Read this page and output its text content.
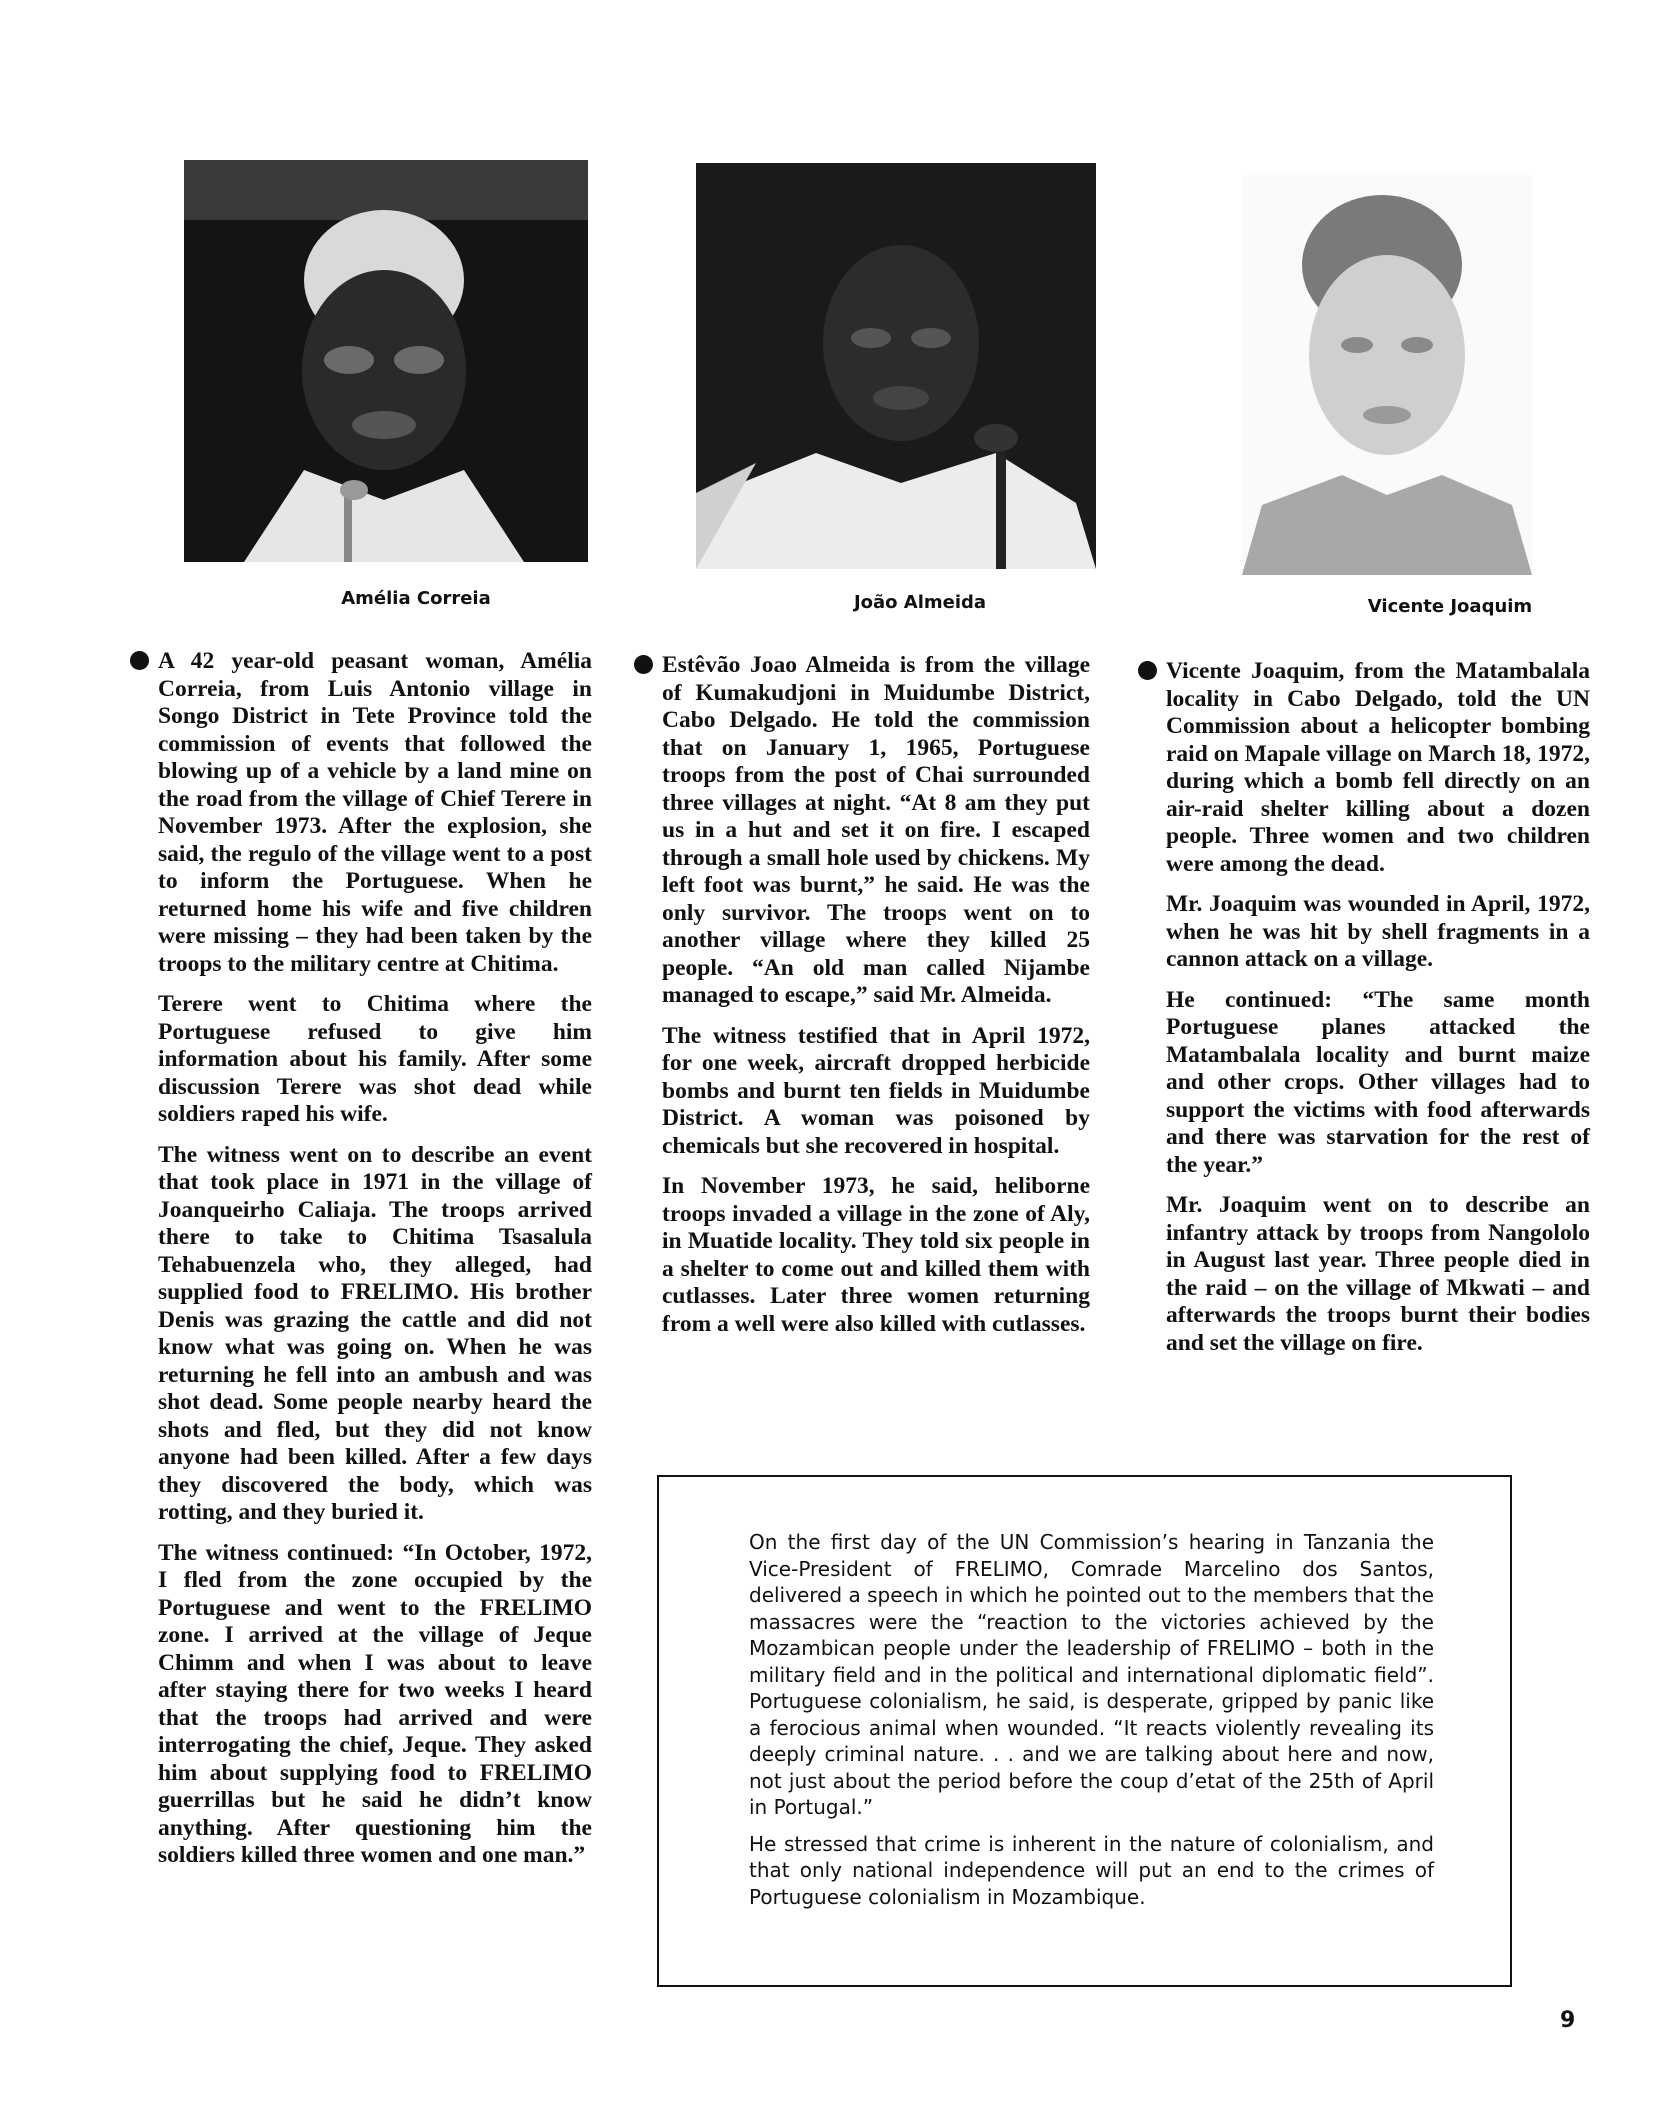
Amélia Correia	João Almeida	Vicente Joaquim

A 42 year-old peasant woman, Amélia Correia, from Luis Antonio village in Songo District in Tete Province told the commission of events that followed the blowing up of a vehicle by a land mine on the road from the village of Chief Terere in November 1973. After the explosion, she said, the regulo of the village went to a post to inform the Portuguese. When he returned home his wife and five children were missing – they had been taken by the troops to the military centre at Chitima.

Terere went to Chitima where the Portuguese refused to give him information about his family. After some discussion Terere was shot dead while soldiers raped his wife.

The witness went on to describe an event that took place in 1971 in the village of Joanqueirho Caliaja. The troops arrived there to take to Chitima Tsasalula Tehabuenzela who, they alleged, had supplied food to FRELIMO. His brother Denis was grazing the cattle and did not know what was going on. When he was returning he fell into an ambush and was shot dead. Some people nearby heard the shots and fled, but they did not know anyone had been killed. After a few days they discovered the body, which was rotting, and they buried it.

The witness continued: “In October, 1972, I fled from the zone occupied by the Portuguese and went to the FRELIMO zone. I arrived at the village of Jeque Chimm and when I was about to leave after staying there for two weeks I heard that the troops had arrived and were interrogating the chief, Jeque. They asked him about supplying food to FRELIMO guerrillas but he said he didn’t know anything. After questioning him the soldiers killed three women and one man.”

Estêvão Joao Almeida is from the village of Kumakudjoni in Muidumbe District, Cabo Delgado. He told the commission that on January 1, 1965, Portuguese troops from the post of Chai surrounded three villages at night. “At 8 am they put us in a hut and set it on fire. I escaped through a small hole used by chickens. My left foot was burnt,” he said. He was the only survivor. The troops went on to another village where they killed 25 people. “An old man called Nijambe managed to escape,” said Mr. Almeida.

The witness testified that in April 1972, for one week, aircraft dropped herbicide bombs and burnt ten fields in Muidumbe District. A woman was poisoned by chemicals but she recovered in hospital.

In November 1973, he said, heliborne troops invaded a village in the zone of Aly, in Muatide locality. They told six people in a shelter to come out and killed them with cutlasses. Later three women returning from a well were also killed with cutlasses.

Vicente Joaquim, from the Matambalala locality in Cabo Delgado, told the UN Commission about a helicopter bombing raid on Mapale village on March 18, 1972, during which a bomb fell directly on an air-raid shelter killing about a dozen people. Three women and two children were among the dead.

Mr. Joaquim was wounded in April, 1972, when he was hit by shell fragments in a cannon attack on a village.

He continued: “The same month Portuguese planes attacked the Matambalala locality and burnt maize and other crops. Other villages had to support the victims with food afterwards and there was starvation for the rest of the year.”

Mr. Joaquim went on to describe an infantry attack by troops from Nangololo in August last year. Three people died in the raid – on the village of Mkwati – and afterwards the troops burnt their bodies and set the village on fire.

On the first day of the UN Commission’s hearing in Tanzania the Vice-President of FRELIMO, Comrade Marcelino dos Santos, delivered a speech in which he pointed out to the members that the massacres were the “reaction to the victories achieved by the Mozambican people under the leadership of FRELIMO – both in the military field and in the political and international diplomatic field”. Portuguese colonialism, he said, is desperate, gripped by panic like a ferocious animal when wounded. “It reacts violently revealing its deeply criminal nature. . . and we are talking about here and now, not just about the period before the coup d’etat of the 25th of April in Portugal.”

He stressed that crime is inherent in the nature of colonialism, and that only national independence will put an end to the crimes of Portuguese colonialism in Mozambique.

9
